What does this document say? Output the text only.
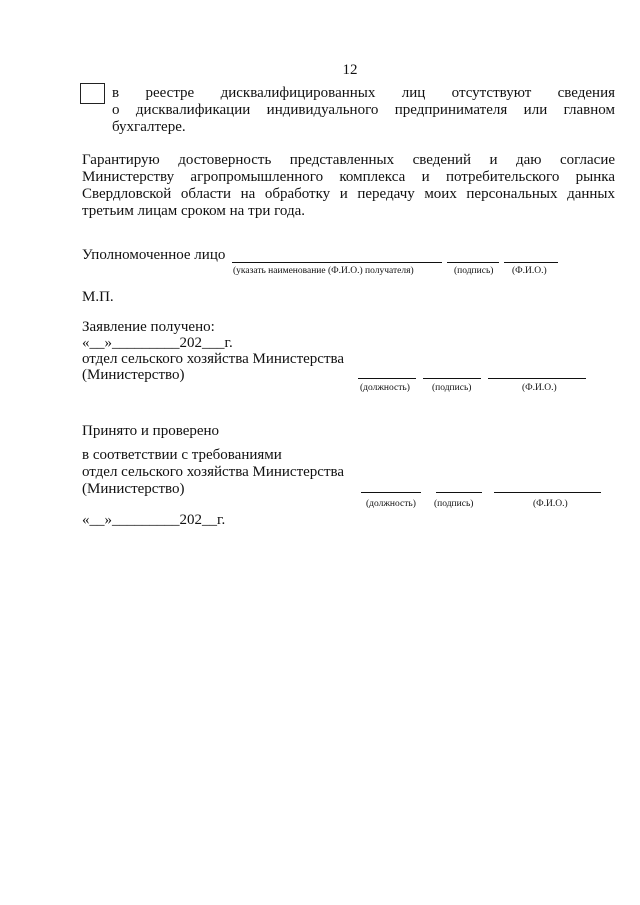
12
в реестре дисквалифицированных лиц отсутствуют сведения
о дисквалификации индивидуального предпринимателя или главном
бухгалтере.
Гарантирую достоверность представленных сведений и даю согласие
Министерству агропромышленного комплекса и потребительского рынка
Свердловской области на обработку и передачу моих персональных данных
третьим лицам сроком на три года.
Уполномоченное лицо
(указать наименование (Ф.И.О.) получателя)	(подпись) (Ф.И.О.)
М.П.
Заявление получено:
«__»_________202___г.
отдел сельского хозяйства Министерства
(Министерство)
(должность) (подпись)	(Ф.И.О.)
Принято и проверено
в соответствии с требованиями
отдел сельского хозяйства Министерства
(Министерство)
(должность) (подпись)	(Ф.И.О.)
«__»_________202__г.
